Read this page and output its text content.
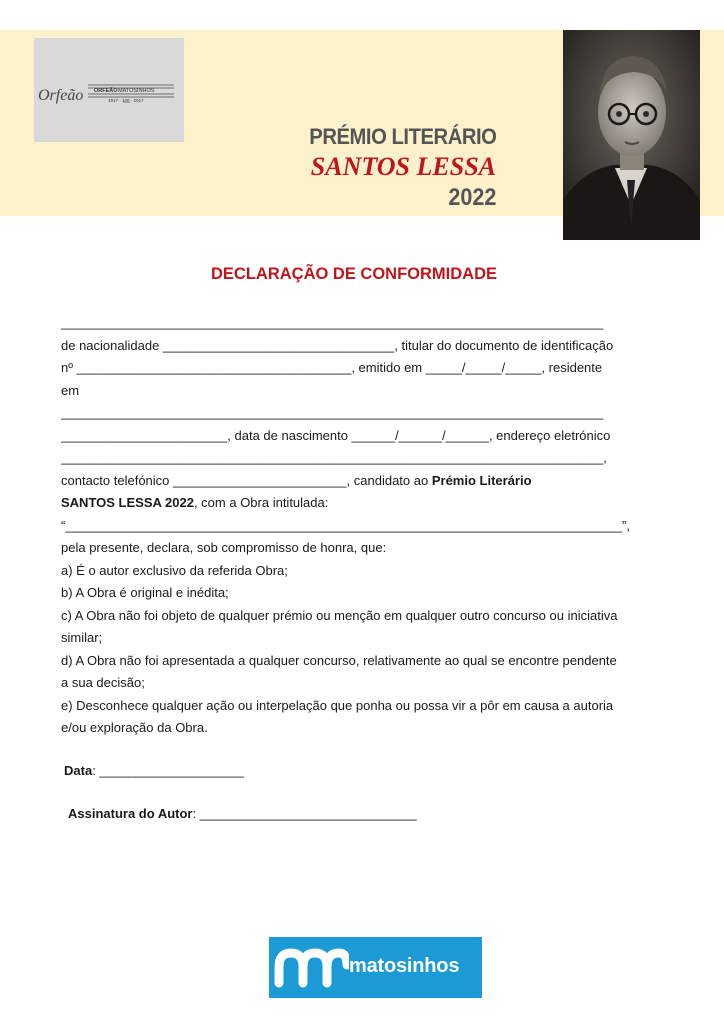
Orfeão ORFEÃO MATOSINHOS
1917 · 1̲0̲0̲ · 2017
PRÉMIO LITERÁRIO
SANTOS LESSA
2022
DECLARAÇÃO DE CONFORMIDADE
___________________________________________________________________________
de nacionalidade ________________________________, titular do documento de identificação
nº ______________________________________, emitido em _____/_____/_____, residente
em
___________________________________________________________________________
_______________________, data de nascimento ______/______/______, endereço eletrónico
___________________________________________________________________________,
contacto telefónico ________________________, candidato ao Prémio Literário
SANTOS LESSA 2022, com a Obra intitulada:
“_____________________________________________________________________________”,
pela presente, declara, sob compromisso de honra, que:
a) É o autor exclusivo da referida Obra;
b) A Obra é original e inédita;
c) A Obra não foi objeto de qualquer prémio ou menção em qualquer outro concurso ou iniciativa
similar;
d) A Obra não foi apresentada a qualquer concurso, relativamente ao qual se encontre pendente
a sua decisão;
e) Desconhece qualquer ação ou interpelação que ponha ou possa vir a pôr em causa a autoria
e/ou exploração da Obra.
Data: ____________________
Assinatura do Autor: ______________________________
matosinhos
